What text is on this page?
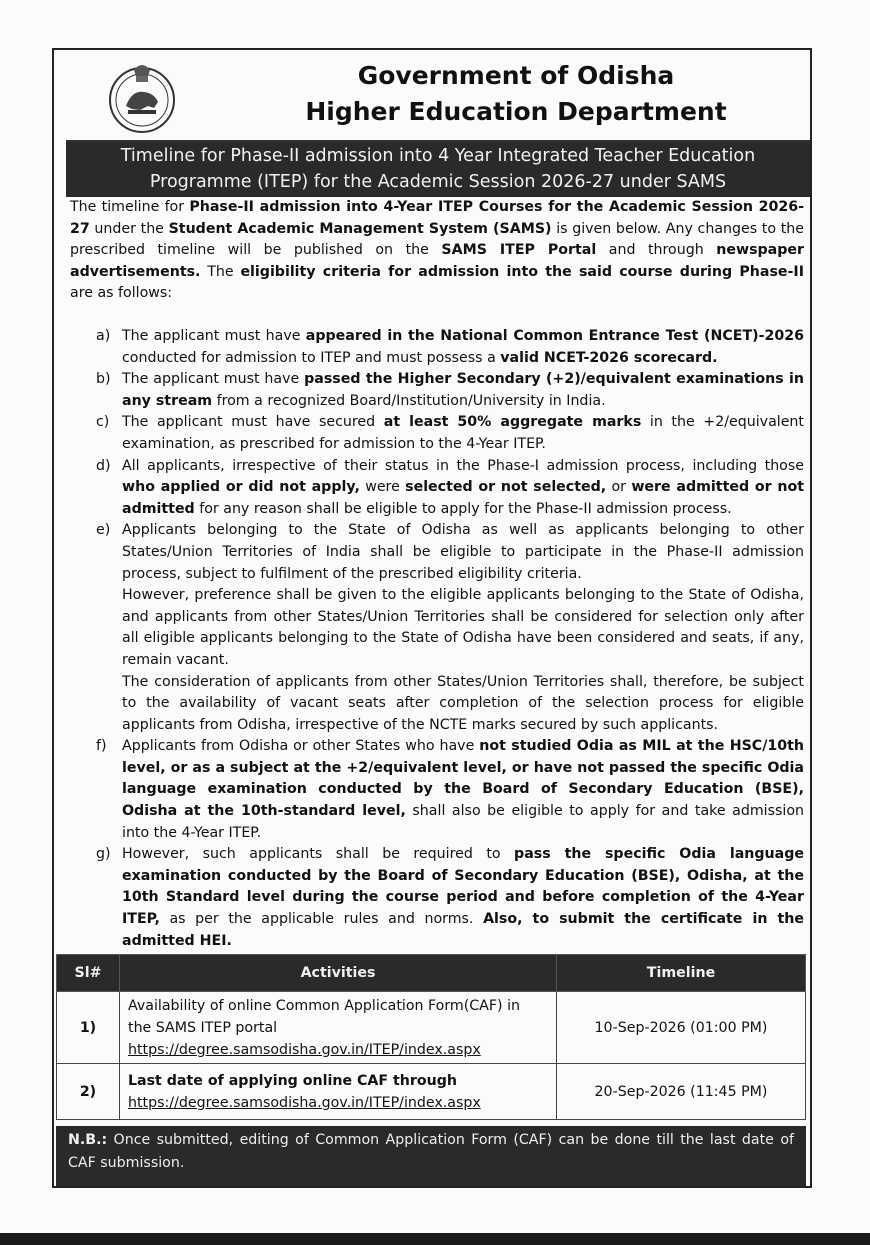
Government of Odisha
Higher Education Department
Timeline for Phase-II admission into 4 Year Integrated Teacher Education
Programme (ITEP) for the Academic Session 2026-27 under SAMS
The timeline for Phase-II admission into 4-Year ITEP Courses for the Academic Session 2026-27 under the Student Academic Management System (SAMS) is given below. Any changes to the prescribed timeline will be published on the SAMS ITEP Portal and through newspaper advertisements. The eligibility criteria for admission into the said course during Phase-II are as follows:
a) The applicant must have appeared in the National Common Entrance Test (NCET)-2026 conducted for admission to ITEP and must possess a valid NCET-2026 scorecard.
b) The applicant must have passed the Higher Secondary (+2)/equivalent examinations in any stream from a recognized Board/Institution/University in India.
c) The applicant must have secured at least 50% aggregate marks in the +2/equivalent examination, as prescribed for admission to the 4-Year ITEP.
d) All applicants, irrespective of their status in the Phase-I admission process, including those who applied or did not apply, were selected or not selected, or were admitted or not admitted for any reason shall be eligible to apply for the Phase-II admission process.
e) Applicants belonging to the State of Odisha as well as applicants belonging to other States/Union Territories of India shall be eligible to participate in the Phase-II admission process, subject to fulfilment of the prescribed eligibility criteria.
However, preference shall be given to the eligible applicants belonging to the State of Odisha, and applicants from other States/Union Territories shall be considered for selection only after all eligible applicants belonging to the State of Odisha have been considered and seats, if any, remain vacant.
The consideration of applicants from other States/Union Territories shall, therefore, be subject to the availability of vacant seats after completion of the selection process for eligible applicants from Odisha, irrespective of the NCTE marks secured by such applicants.
f) Applicants from Odisha or other States who have not studied Odia as MIL at the HSC/10th level, or as a subject at the +2/equivalent level, or have not passed the specific Odia language examination conducted by the Board of Secondary Education (BSE), Odisha at the 10th-standard level, shall also be eligible to apply for and take admission into the 4-Year ITEP.
g) However, such applicants shall be required to pass the specific Odia language examination conducted by the Board of Secondary Education (BSE), Odisha, at the 10th Standard level during the course period and before completion of the 4-Year ITEP, as per the applicable rules and norms. Also, to submit the certificate in the admitted HEI.
Sl#	Activities	Timeline
1)	Availability of online Common Application Form(CAF) in
the SAMS ITEP portal
https://degree.samsodisha.gov.in/ITEP/index.aspx	10-Sep-2026 (01:00 PM)
2)	Last date of applying online CAF through
https://degree.samsodisha.gov.in/ITEP/index.aspx	20-Sep-2026 (11:45 PM)
N.B.: Once submitted, editing of Common Application Form (CAF) can be done till the last date of CAF submission.
